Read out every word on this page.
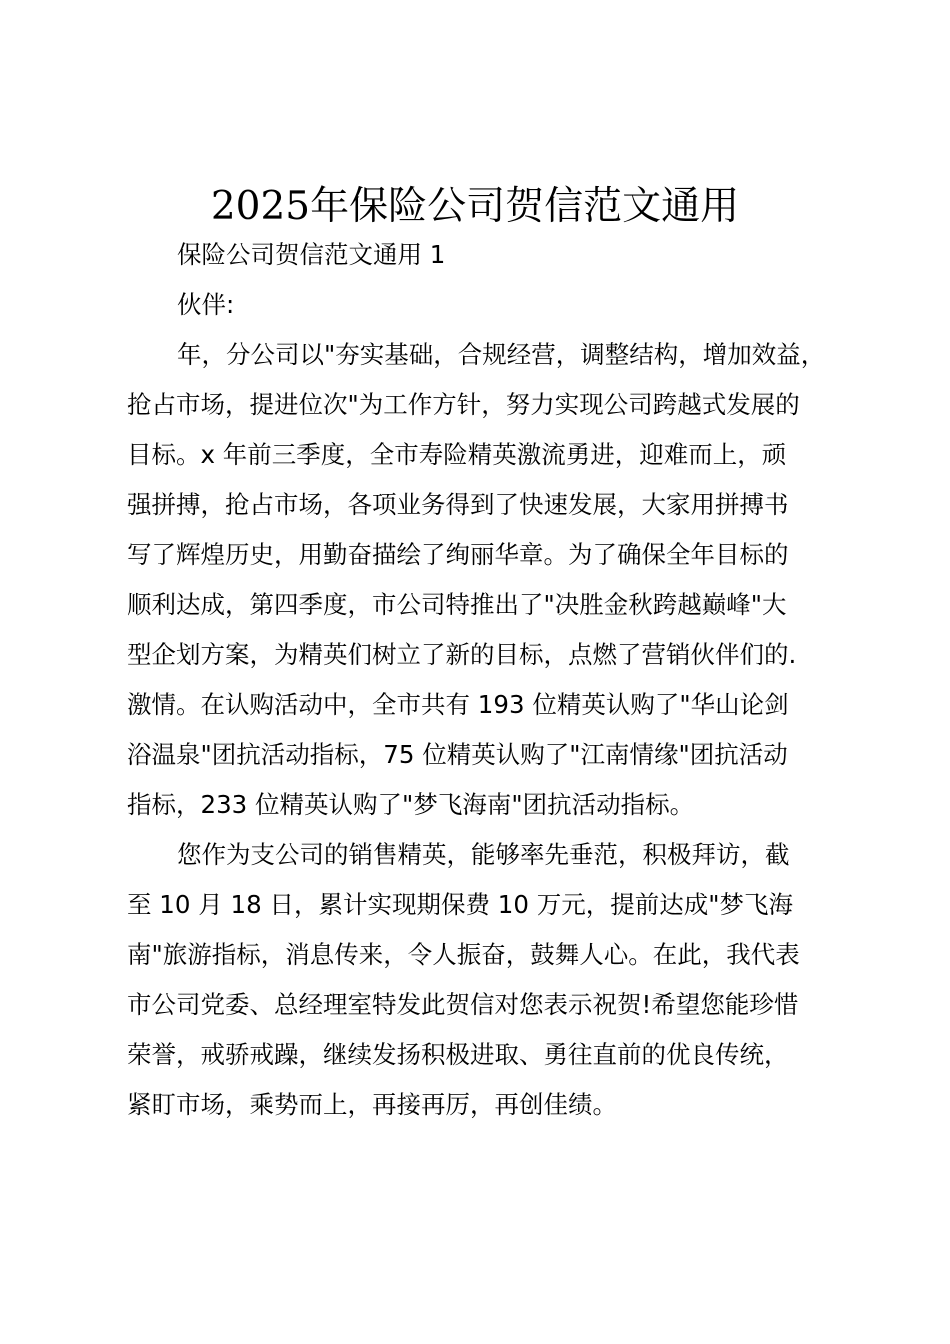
2025年保险公司贺信范文通用

保险公司贺信范文通用 1

伙伴:

年，分公司以"夯实基础，合规经营，调整结构，增加效益，

抢占市场，提进位次"为工作方针，努力实现公司跨越式发展的

目标。x 年前三季度，全市寿险精英激流勇进，迎难而上，顽

强拼搏，抢占市场，各项业务得到了快速发展，大家用拼搏书

写了辉煌历史，用勤奋描绘了绚丽华章。为了确保全年目标的

顺利达成，第四季度，市公司特推出了"决胜金秋跨越巅峰"大

型企划方案，为精英们树立了新的目标，点燃了营销伙伴们的.

激情。在认购活动中，全市共有 193 位精英认购了"华山论剑

浴温泉"团抗活动指标，75 位精英认购了"江南情缘"团抗活动

指标，233 位精英认购了"梦飞海南"团抗活动指标。

您作为支公司的销售精英，能够率先垂范，积极拜访，截

至 10 月 18 日，累计实现期保费 10 万元，提前达成"梦飞海

南"旅游指标，消息传来，令人振奋，鼓舞人心。在此，我代表

市公司党委、总经理室特发此贺信对您表示祝贺!希望您能珍惜

荣誉，戒骄戒躁，继续发扬积极进取、勇往直前的优良传统，

紧盯市场，乘势而上，再接再厉，再创佳绩。
